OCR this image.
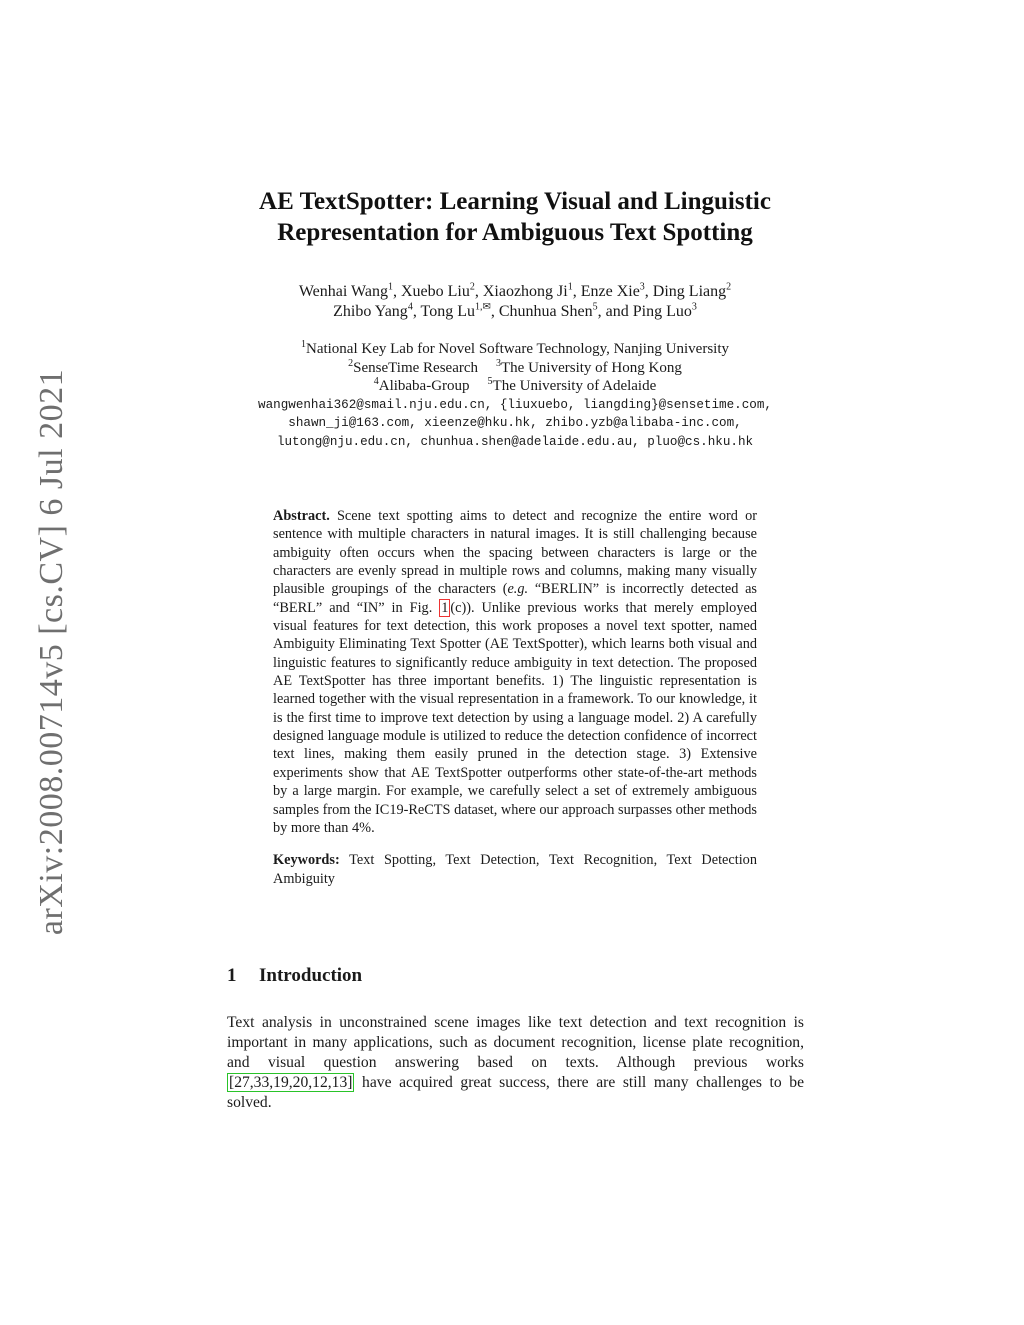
arXiv:2008.00714v5 [cs.CV] 6 Jul 2021
AE TextSpotter: Learning Visual and Linguistic
Representation for Ambiguous Text Spotting
Wenhai Wang$^1$, Xuebo Liu$^2$, Xiaozhong Ji$^1$, Enze Xie$^3$, Ding Liang$^2$
Zhibo Yang$^4$, Tong $Lu^{1,✉}$, Chunhua Shen$^5$, and Ping Luo$^3$
$^1$National Key Lab for Novel Software Technology, Nanjing University
$^2$SenseTime Research $^3$The University of Hong Kong
$^4$Alibaba-Group $^5$The University of Adelaide
wangwenhai362@smail.nju.edu.cn, {liuxuebo, liangding}@sensetime.com,
shawn_ji@163.com, xieenze@hku.hk, zhibo.yzb@alibaba-inc.com,
lutong@nju.edu.cn, chunhua.shen@adelaide.edu.au, pluo@cs.hku.hk

Abstract. Scene text spotting aims to detect and recognize the entire word or sentence with multiple characters in natural images. It is still challenging because ambiguity often occurs when the spacing between characters is large or the characters are evenly spread in multiple rows and columns, making many visually plausible groupings of the characters (e.g. “BERLIN” is incorrectly detected as “BERL” and “IN” in Fig. 1 (c)). Unlike previous works that merely employed visual features for text detection, this work proposes a novel text spotter, named Ambiguity Eliminating Text Spotter (AE TextSpotter), which learns both visual and linguistic features to significantly reduce ambiguity in text detection. The proposed AE TextSpotter has three important benefits. 1) The linguistic representation is learned together with the visual representation in a framework. To our knowledge, it is the first time to improve text detection by using a language model. 2) A carefully designed language module is utilized to reduce the detection confidence of incorrect text lines, making them easily pruned in the detection stage. 3) Extensive experiments show that AE TextSpotter outperforms other state-of-the-art methods by a large margin. For example, we carefully select a set of extremely ambiguous samples from the IC19-ReCTS dataset, where our approach surpasses other methods by more than 4%.

Keywords: Text Spotting, Text Detection, Text Recognition, Text Detection Ambiguity

1 Introduction

Text analysis in unconstrained scene images like text detection and text recognition is important in many applications, such as document recognition, license plate recognition, and visual question answering based on texts. Although previous works [27,33,19,20,12,13] have acquired great success, there are still many challenges to be solved.
